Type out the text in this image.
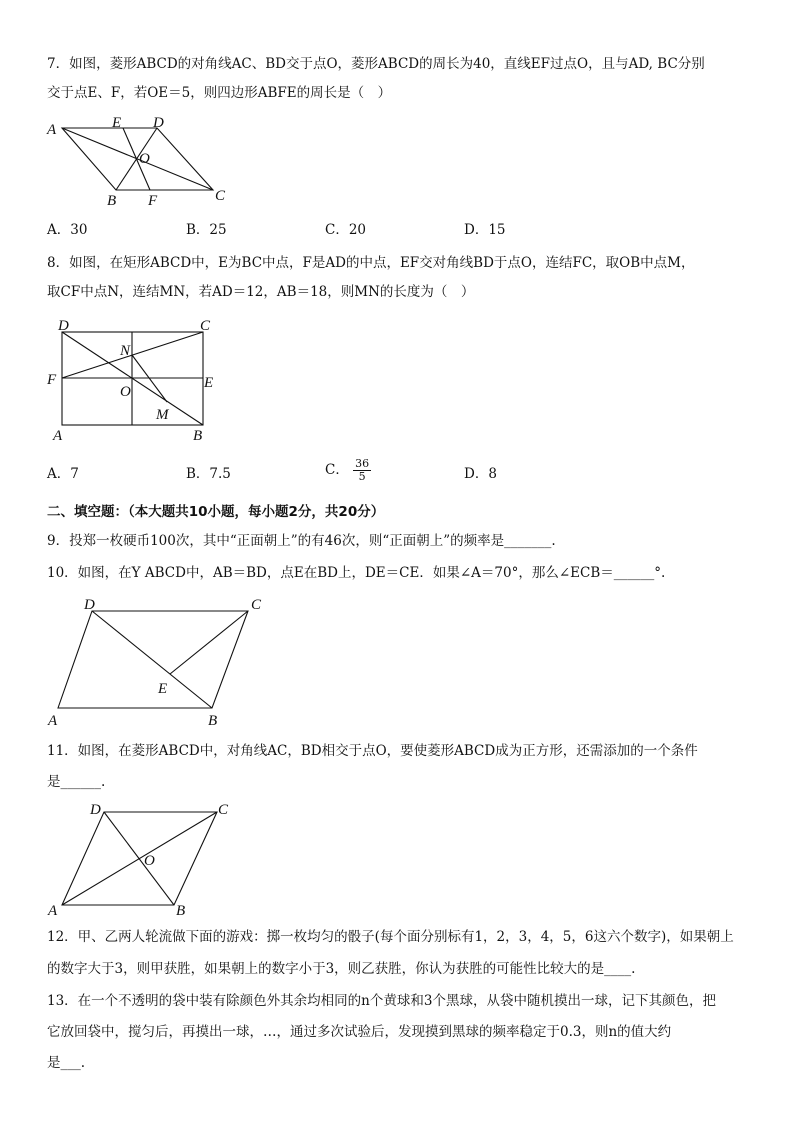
7．如图，菱形ABCD的对角线AC、BD交于点O，菱形ABCD的周长为40，直线EF过点O，且与AD, BC分别
交于点E、F，若OE＝5，则四边形ABFE的周长是（　）
A	E D
O
B F	C
A．30	B．25	C．20	D．15
8．如图，在矩形ABCD中，E为BC中点，F是AD的中点，EF交对角线BD于点O，连结FC，取OB中点M，
取CF中点N，连结MN，若AD＝12，AB＝18，则MN的长度为（　）
D	C
N
F	E
O
M
A	B
A．7	B．7.5	C． $\frac{36}{5}$	D．8
二、填空题：（本大题共10小题，每小题2分，共20分）
9．投郑一枚硬币100次，其中“正面朝上”的有46次，则“正面朝上”的频率是_______.
10．如图，在Y ABCD中，AB＝BD，点E在BD上，DE＝CE．如果∠A＝70°，那么∠ECB＝______°.
D	C
E
A	B
11．如图，在菱形ABCD中，对角线AC，BD相交于点O，要使菱形ABCD成为正方形，还需添加的一个条件
是______.
D	C
O
A	B
12．甲、乙两人轮流做下面的游戏：掷一枚均匀的骰子(每个面分别标有1，2，3，4，5，6这六个数字)，如果朝上
的数字大于3，则甲获胜，如果朝上的数字小于3，则乙获胜，你认为获胜的可能性比较大的是____.
13．在一个不透明的袋中装有除颜色外其余均相同的n个黄球和3个黑球，从袋中随机摸出一球，记下其颜色，把
它放回袋中，搅匀后，再摸出一球，…，通过多次试验后，发现摸到黑球的频率稳定于0.3，则n的值大约
是___.
